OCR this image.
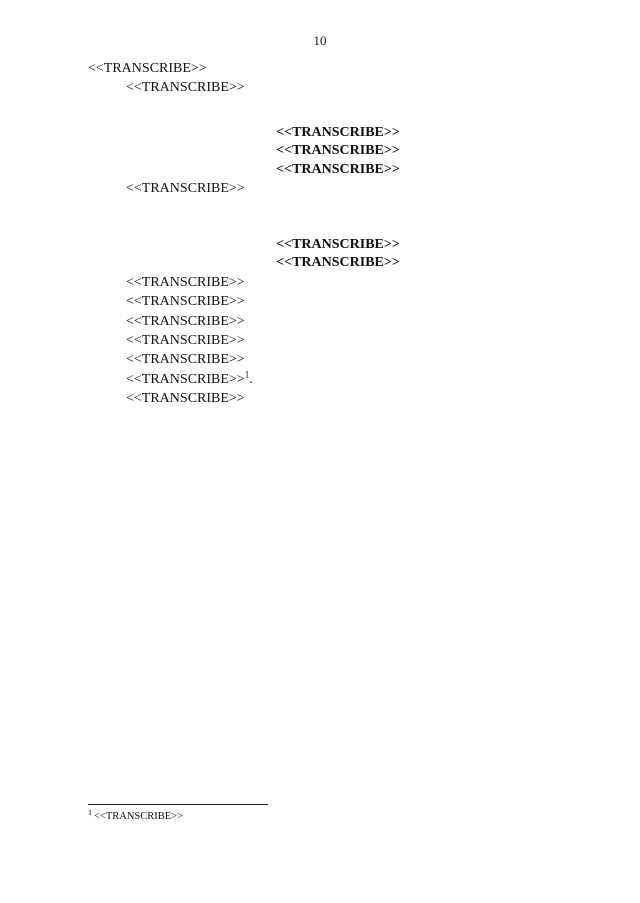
10

<<TRANSCRIBE>>

<<TRANSCRIBE>>

<<TRANSCRIBE>>
<<TRANSCRIBE>>
<<TRANSCRIBE>>

<<TRANSCRIBE>>

<<TRANSCRIBE>>
<<TRANSCRIBE>>

<<TRANSCRIBE>>

<<TRANSCRIBE>>

<<TRANSCRIBE>>

<<TRANSCRIBE>>

<<TRANSCRIBE>>

<<TRANSCRIBE>>$^1$.

<<TRANSCRIBE>>

$^1$ <<TRANSCRIBE>>
